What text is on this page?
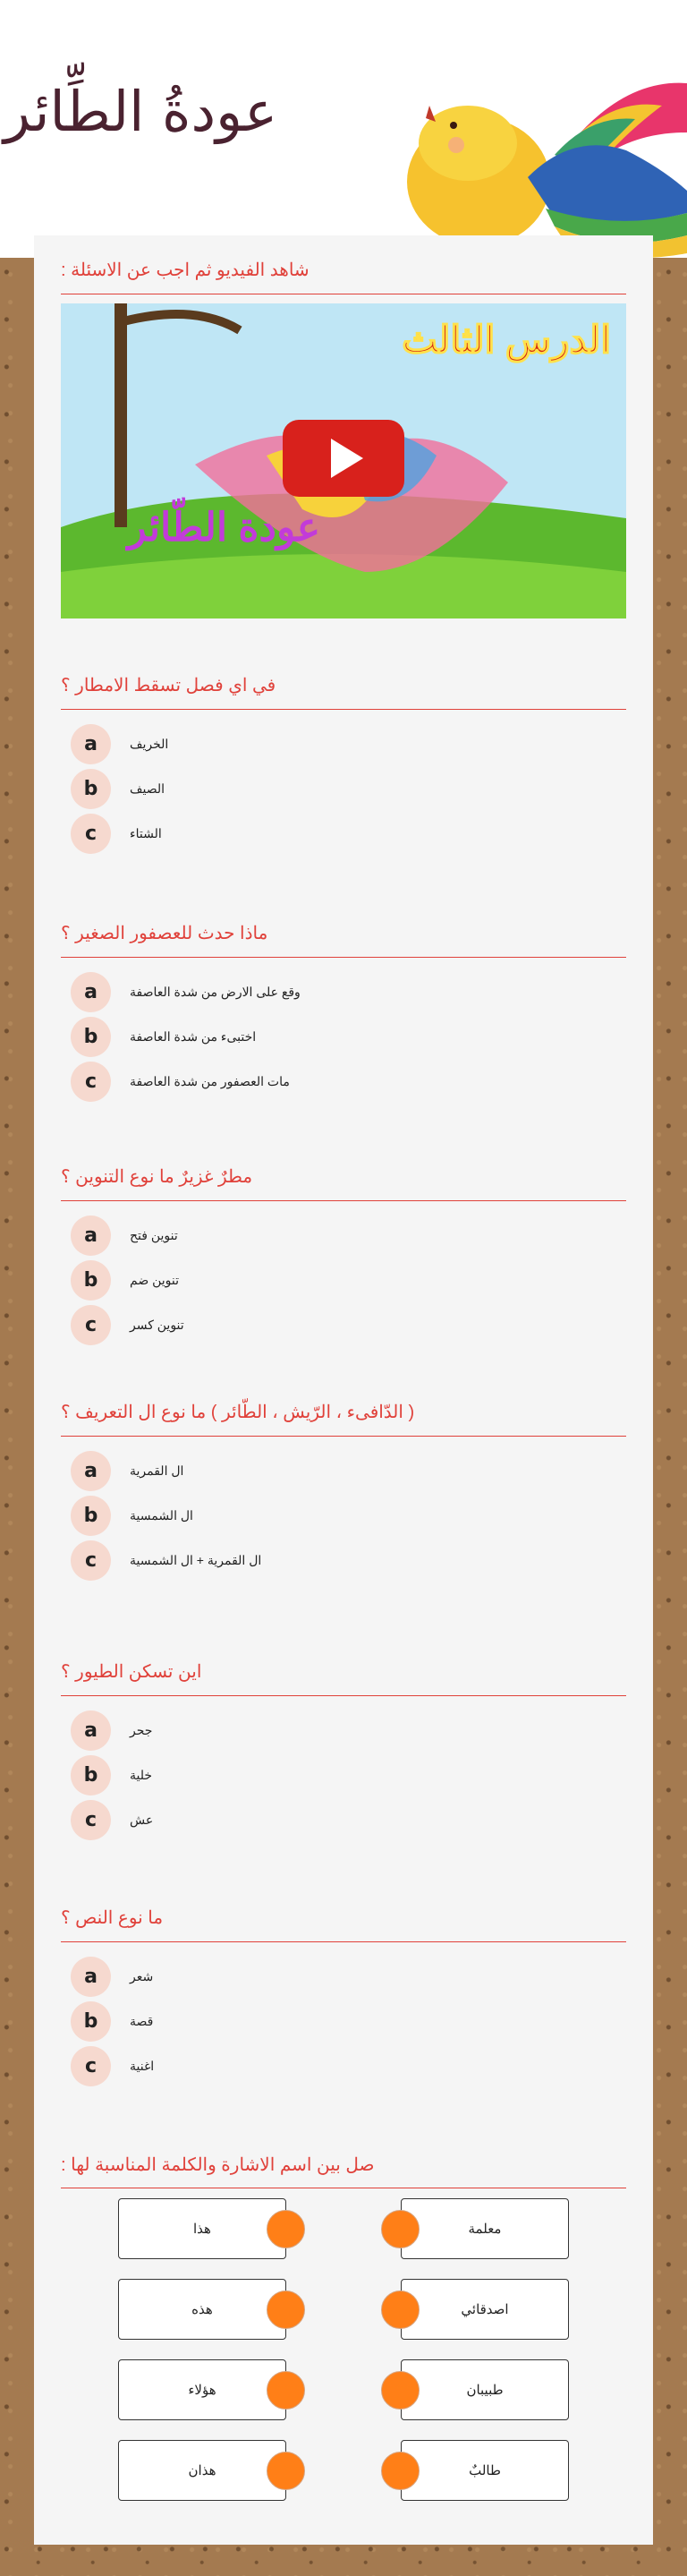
عودةُ الطِّائر
شاهد الفيديو ثم اجب عن الاسئلة :
الدرس الثالث
عودة الطّائر
في اي فصل تسقط الامطار ؟
a	الخريف
b	الصيف
c	الشتاء
ماذا حدث للعصفور الصغير ؟
a	وقع على الارض من شدة العاصفة
b	اختبىء من شدة العاصفة
c	مات العصفور من شدة العاصفة
مطرٌ غزيرٌ ما نوع التنوين ؟
a	تنوين فتح
b	تنوين ضم
c	تنوين كسر
( الدّافىء ، الرّيش ، الطّائر ) ما نوع ال التعريف ؟
a	ال القمرية
b	ال الشمسية
c	ال القمرية + ال الشمسية
اين تسكن الطيور ؟
a	جحر
b	خلية
c	عش
ما نوع النص ؟
a	شعر
b	قصة
c	اغنية
صل بين اسم الاشارة والكلمة المناسبة لها :
هذا	معلمة
هذه	اصدقائي
هؤلاء	طبيبان
هذان	طالبٌ
